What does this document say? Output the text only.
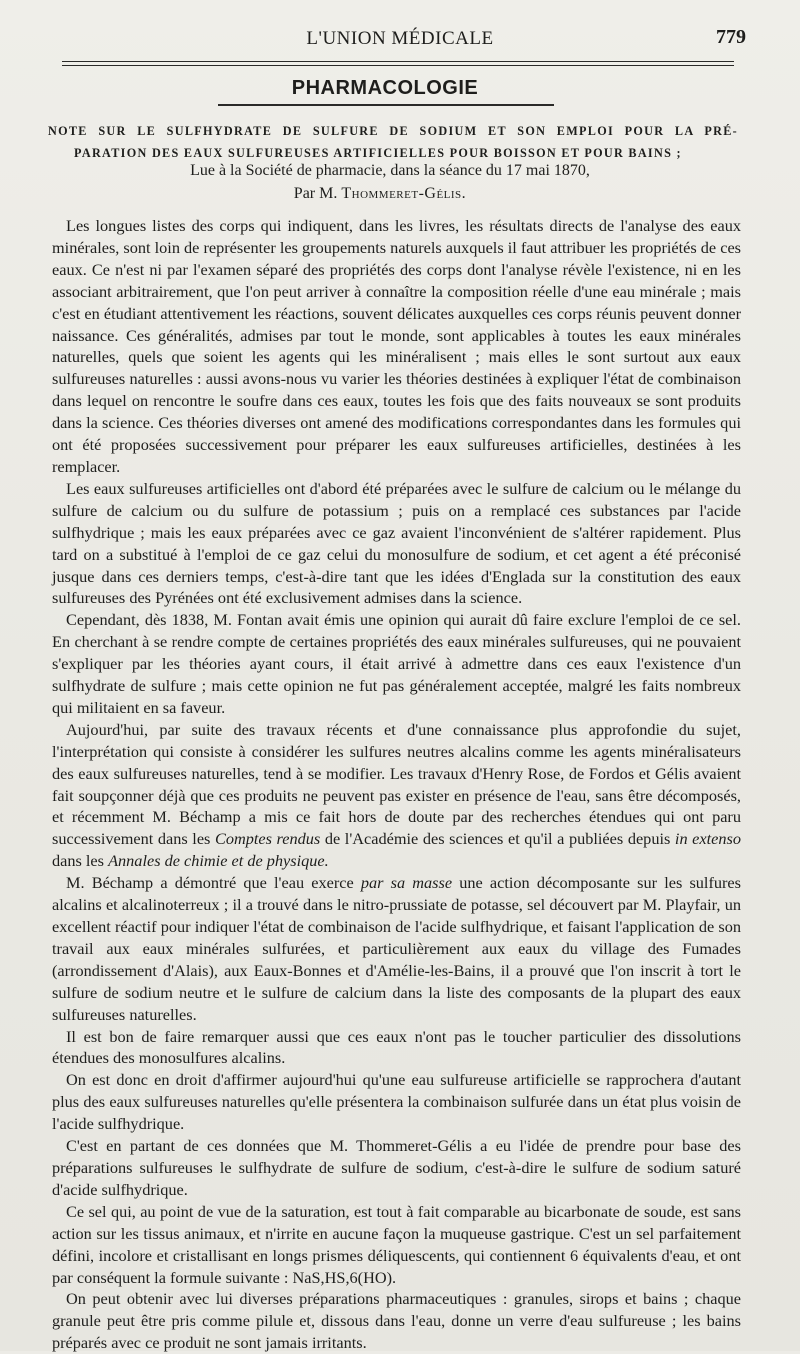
L'UNION MÉDICALE	779
PHARMACOLOGIE
NOTE SUR LE SULFHYDRATE DE SULFURE DE SODIUM ET SON EMPLOI POUR LA PRÉ-
PARATION DES EAUX SULFUREUSES ARTIFICIELLES POUR BOISSON ET POUR BAINS ;
Lue à la Société de pharmacie, dans la séance du 17 mai 1870,
Par M. Thommeret-Gélis.

Les longues listes des corps qui indiquent, dans les livres, les résultats directs de l'analyse des eaux minérales, sont loin de représenter les groupements naturels auxquels il faut attribuer les propriétés de ces eaux. Ce n'est ni par l'examen séparé des propriétés des corps dont l'analyse révèle l'existence, ni en les associant arbitrairement, que l'on peut arriver à connaître la composition réelle d'une eau minérale ; mais c'est en étudiant attentivement les réactions, souvent délicates auxquelles ces corps réunis peuvent donner naissance. Ces généralités, admises par tout le monde, sont applicables à toutes les eaux minérales naturelles, quels que soient les agents qui les minéralisent ; mais elles le sont surtout aux eaux sulfureuses naturelles : aussi avons-nous vu varier les théories destinées à expliquer l'état de combinaison dans lequel on rencontre le soufre dans ces eaux, toutes les fois que des faits nouveaux se sont produits dans la science. Ces théories diverses ont amené des modifications correspondantes dans les formules qui ont été proposées successivement pour préparer les eaux sulfureuses artificielles, destinées à les remplacer.

Les eaux sulfureuses artificielles ont d'abord été préparées avec le sulfure de calcium ou le mélange du sulfure de calcium ou du sulfure de potassium ; puis on a remplacé ces substances par l'acide sulfhydrique ; mais les eaux préparées avec ce gaz avaient l'inconvénient de s'altérer rapidement. Plus tard on a substitué à l'emploi de ce gaz celui du monosulfure de sodium, et cet agent a été préconisé jusque dans ces derniers temps, c'est-à-dire tant que les idées d'Englada sur la constitution des eaux sulfureuses des Pyrénées ont été exclusivement admises dans la science.

Cependant, dès 1838, M. Fontan avait émis une opinion qui aurait dû faire exclure l'emploi de ce sel. En cherchant à se rendre compte de certaines propriétés des eaux minérales sulfureuses, qui ne pouvaient s'expliquer par les théories ayant cours, il était arrivé à admettre dans ces eaux l'existence d'un sulfhydrate de sulfure ; mais cette opinion ne fut pas généralement acceptée, malgré les faits nombreux qui militaient en sa faveur.

Aujourd'hui, par suite des travaux récents et d'une connaissance plus approfondie du sujet, l'interprétation qui consiste à considérer les sulfures neutres alcalins comme les agents minéralisateurs des eaux sulfureuses naturelles, tend à se modifier. Les travaux d'Henry Rose, de Fordos et Gélis avaient fait soupçonner déjà que ces produits ne peuvent pas exister en présence de l'eau, sans être décomposés, et récemment M. Béchamp a mis ce fait hors de doute par des recherches étendues qui ont paru successivement dans les Comptes rendus de l'Académie des sciences et qu'il a publiées depuis in extenso dans les Annales de chimie et de physique.

M. Béchamp a démontré que l'eau exerce par sa masse une action décomposante sur les sulfures alcalins et alcalinoterreux ; il a trouvé dans le nitro-prussiate de potasse, sel découvert par M. Playfair, un excellent réactif pour indiquer l'état de combinaison de l'acide sulfhydrique, et faisant l'application de son travail aux eaux minérales sulfurées, et particulièrement aux eaux du village des Fumades (arrondissement d'Alais), aux Eaux-Bonnes et d'Amélie-les-Bains, il a prouvé que l'on inscrit à tort le sulfure de sodium neutre et le sulfure de calcium dans la liste des composants de la plupart des eaux sulfureuses naturelles.

Il est bon de faire remarquer aussi que ces eaux n'ont pas le toucher particulier des dissolutions étendues des monosulfures alcalins.

On est donc en droit d'affirmer aujourd'hui qu'une eau sulfureuse artificielle se rapprochera d'autant plus des eaux sulfureuses naturelles qu'elle présentera la combinaison sulfurée dans un état plus voisin de l'acide sulfhydrique.

C'est en partant de ces données que M. Thommeret-Gélis a eu l'idée de prendre pour base des préparations sulfureuses le sulfhydrate de sulfure de sodium, c'est-à-dire le sulfure de sodium saturé d'acide sulfhydrique.

Ce sel qui, au point de vue de la saturation, est tout à fait comparable au bicarbonate de soude, est sans action sur les tissus animaux, et n'irrite en aucune façon la muqueuse gastrique. C'est un sel parfaitement défini, incolore et cristallisant en longs prismes déliquescents, qui contiennent 6 équivalents d'eau, et ont par conséquent la formule suivante : NaS,HS,6(HO).

On peut obtenir avec lui diverses préparations pharmaceutiques : granules, sirops et bains ; chaque granule peut être pris comme pilule et, dissous dans l'eau, donne un verre d'eau sulfureuse ; les bains préparés avec ce produit ne sont jamais irritants.
